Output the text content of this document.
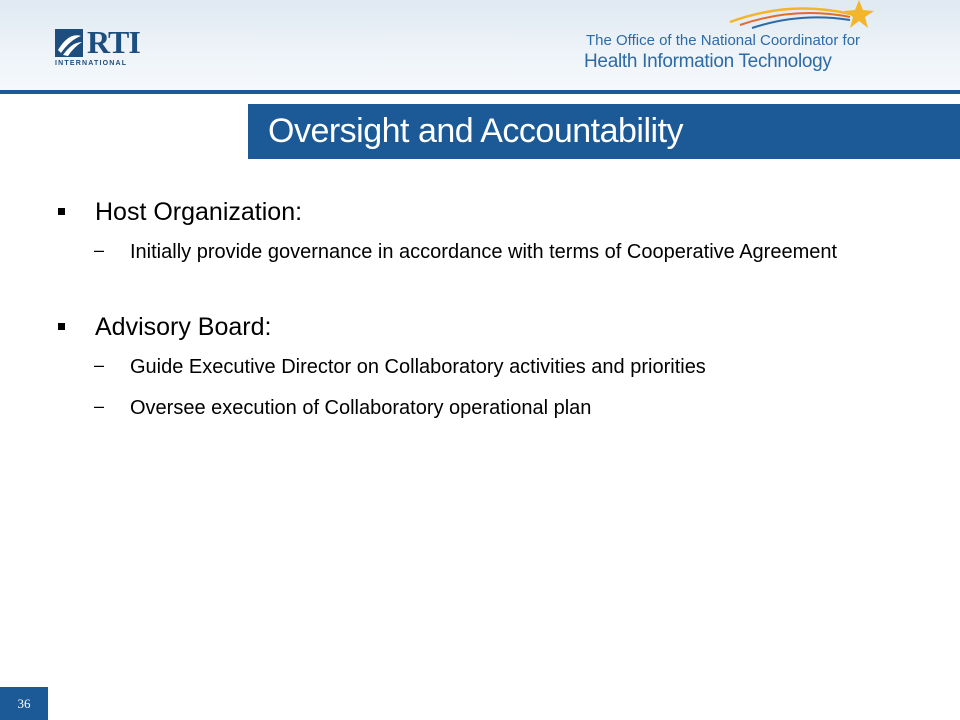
RTI
INTERNATIONAL
The Office of the National Coordinator for
Health Information Technology
Oversight and Accountability
Host Organization:
– Initially provide governance in accordance with terms of Cooperative Agreement
Advisory Board:
– Guide Executive Director on Collaboratory activities and priorities
– Oversee execution of Collaboratory operational plan
36
